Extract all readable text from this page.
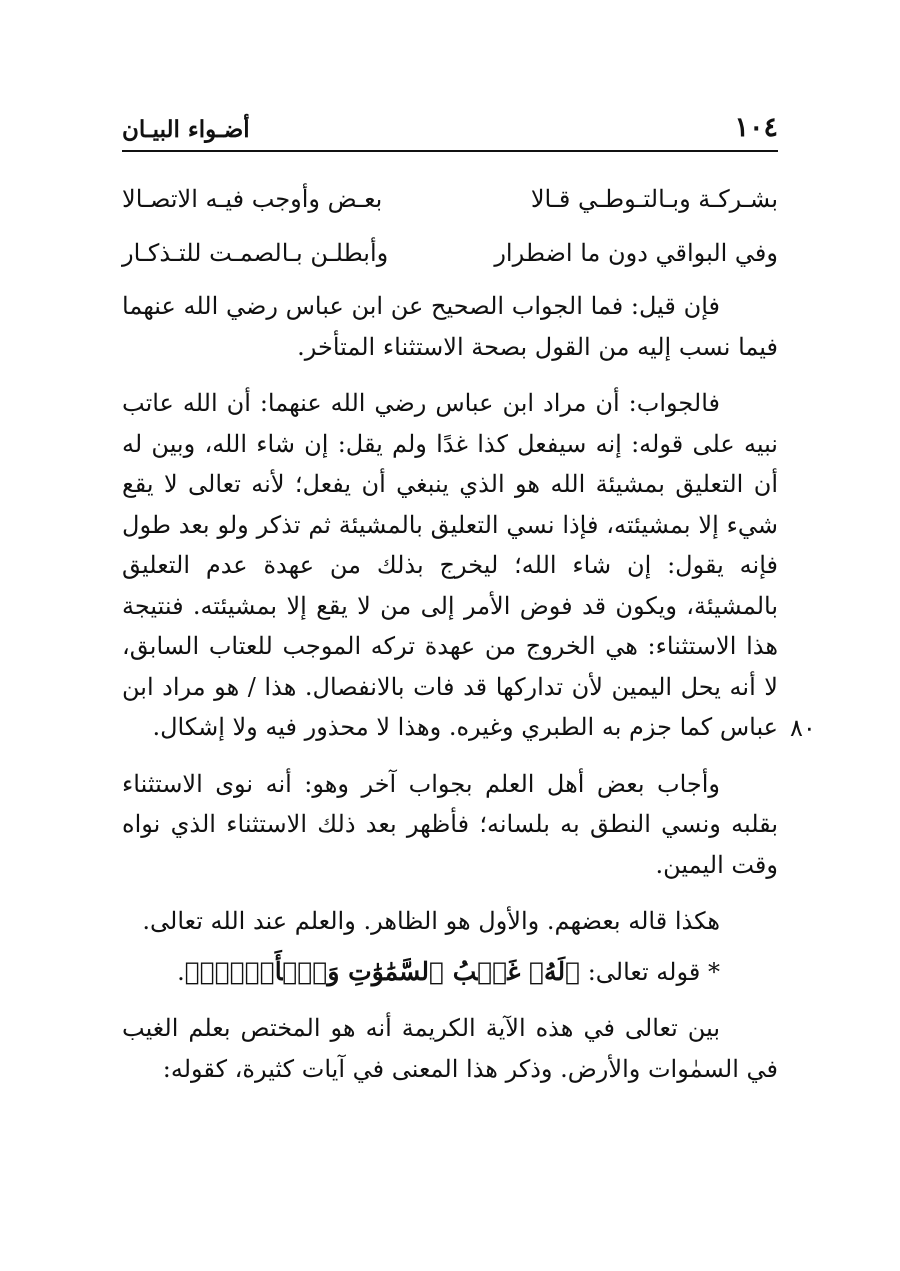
١٠٤
أضـواء البيـان
بشـركـة وبـالتـوطـي قـالا
بعـض وأوجب فيـه الاتصـالا
وفي البواقي دون ما اضطرار
وأبطلـن بـالصمـت للتـذكـار

فإن قيل: فما الجواب الصحيح عن ابن عباس رضي الله عنهما فيما نسب إليه من القول بصحة الاستثناء المتأخر.

فالجواب: أن مراد ابن عباس رضي الله عنهما: أن الله عاتب نبيه على قوله: إنه سيفعل كذا غدًا ولم يقل: إن شاء الله، وبين له أن التعليق بمشيئة الله هو الذي ينبغي أن يفعل؛ لأنه تعالى لا يقع شيء إلا بمشيئته، فإذا نسي التعليق بالمشيئة ثم تذكر ولو بعد طول فإنه يقول: إن شاء الله؛ ليخرج بذلك من عهدة عدم التعليق بالمشيئة، ويكون قد فوض الأمر إلى من لا يقع إلا بمشيئته. فنتيجة هذا الاستثناء: هي الخروج من عهدة تركه الموجب للعتاب السابق، لا أنه يحل اليمين لأن تداركها قد فات بالانفصال. هذا / هو مراد ابن عباس كما جزم به الطبري وغيره. وهذا لا محذور فيه ولا إشكال.

وأجاب بعض أهل العلم بجواب آخر وهو: أنه نوى الاستثناء بقلبه ونسي النطق به بلسانه؛ فأظهر بعد ذلك الاستثناء الذي نواه وقت اليمين.

هكذا قاله بعضهم. والأول هو الظاهر. والعلم عند الله تعالى.

* قوله تعالى: ﴿لَهُۥ غَيۡبُ ٱلسَّمَٰوَٰتِ وَٱلۡأَرۡضِۖ﴾.

بين تعالى في هذه الآية الكريمة أنه هو المختص بعلم الغيب في السمٰوات والأرض. وذكر هذا المعنى في آيات كثيرة، كقوله:

٨٠
